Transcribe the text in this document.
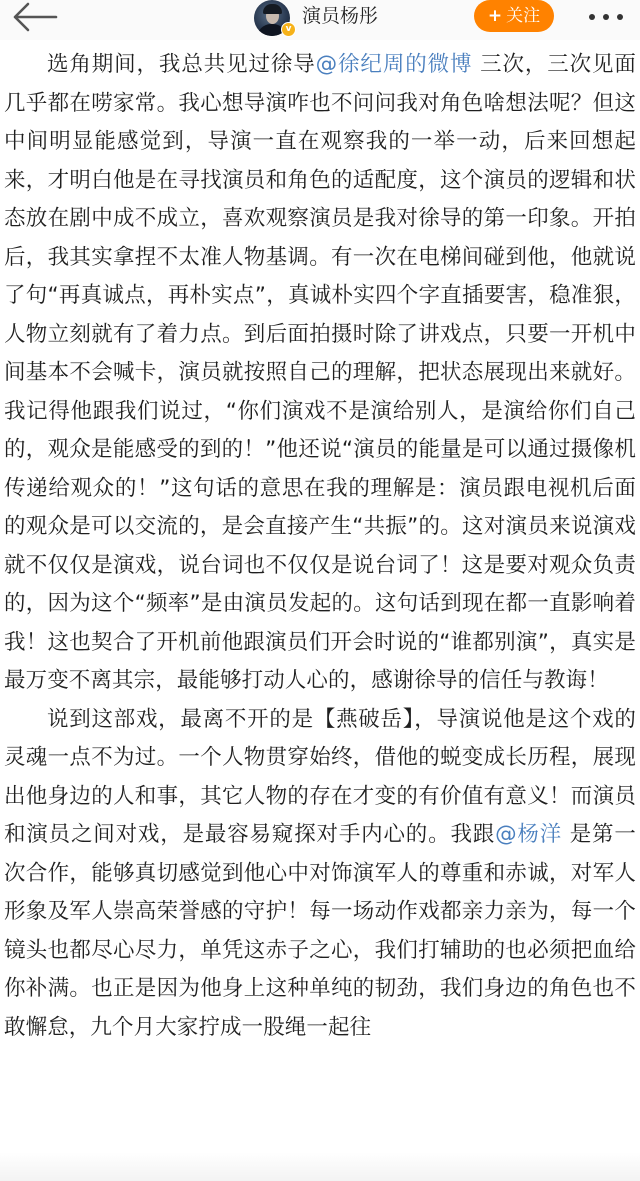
v
演员杨彤	+ 关注

选角期间，我总共见过徐导@徐纪周的微博 三次，三次见面几乎都在唠家常。我心想导演咋也不问问我对角色啥想法呢？但这中间明显能感觉到，导演一直在观察我的一举一动，后来回想起来，才明白他是在寻找演员和角色的适配度，这个演员的逻辑和状态放在剧中成不成立，喜欢观察演员是我对徐导的第一印象。开拍后，我其实拿捏不太准人物基调。有一次在电梯间碰到他，他就说了句“再真诚点，再朴实点”，真诚朴实四个字直插要害，稳准狠，人物立刻就有了着力点。到后面拍摄时除了讲戏点，只要一开机中间基本不会喊卡，演员就按照自己的理解，把状态展现出来就好。我记得他跟我们说过，“你们演戏不是演给别人，是演给你们自己的，观众是能感受的到的！”他还说“演员的能量是可以通过摄像机传递给观众的！”这句话的意思在我的理解是：演员跟电视机后面的观众是可以交流的，是会直接产生“共振”的。这对演员来说演戏就不仅仅是演戏，说台词也不仅仅是说台词了！这是要对观众负责的，因为这个“频率”是由演员发起的。这句话到现在都一直影响着我！这也契合了开机前他跟演员们开会时说的“谁都别演”，真实是最万变不离其宗，最能够打动人心的，感谢徐导的信任与教诲！

说到这部戏，最离不开的是【燕破岳】，导演说他是这个戏的灵魂一点不为过。一个人物贯穿始终，借他的蜕变成长历程，展现出他身边的人和事，其它人物的存在才变的有价值有意义！而演员和演员之间对戏，是最容易窥探对手内心的。我跟@杨洋 是第一次合作，能够真切感觉到他心中对饰演军人的尊重和赤诚，对军人形象及军人崇高荣誉感的守护！每一场动作戏都亲力亲为，每一个镜头也都尽心尽力，单凭这赤子之心，我们打辅助的也必须把血给你补满。也正是因为他身上这种单纯的韧劲，我们身边的角色也不敢懈怠，九个月大家拧成一股绳一起往
